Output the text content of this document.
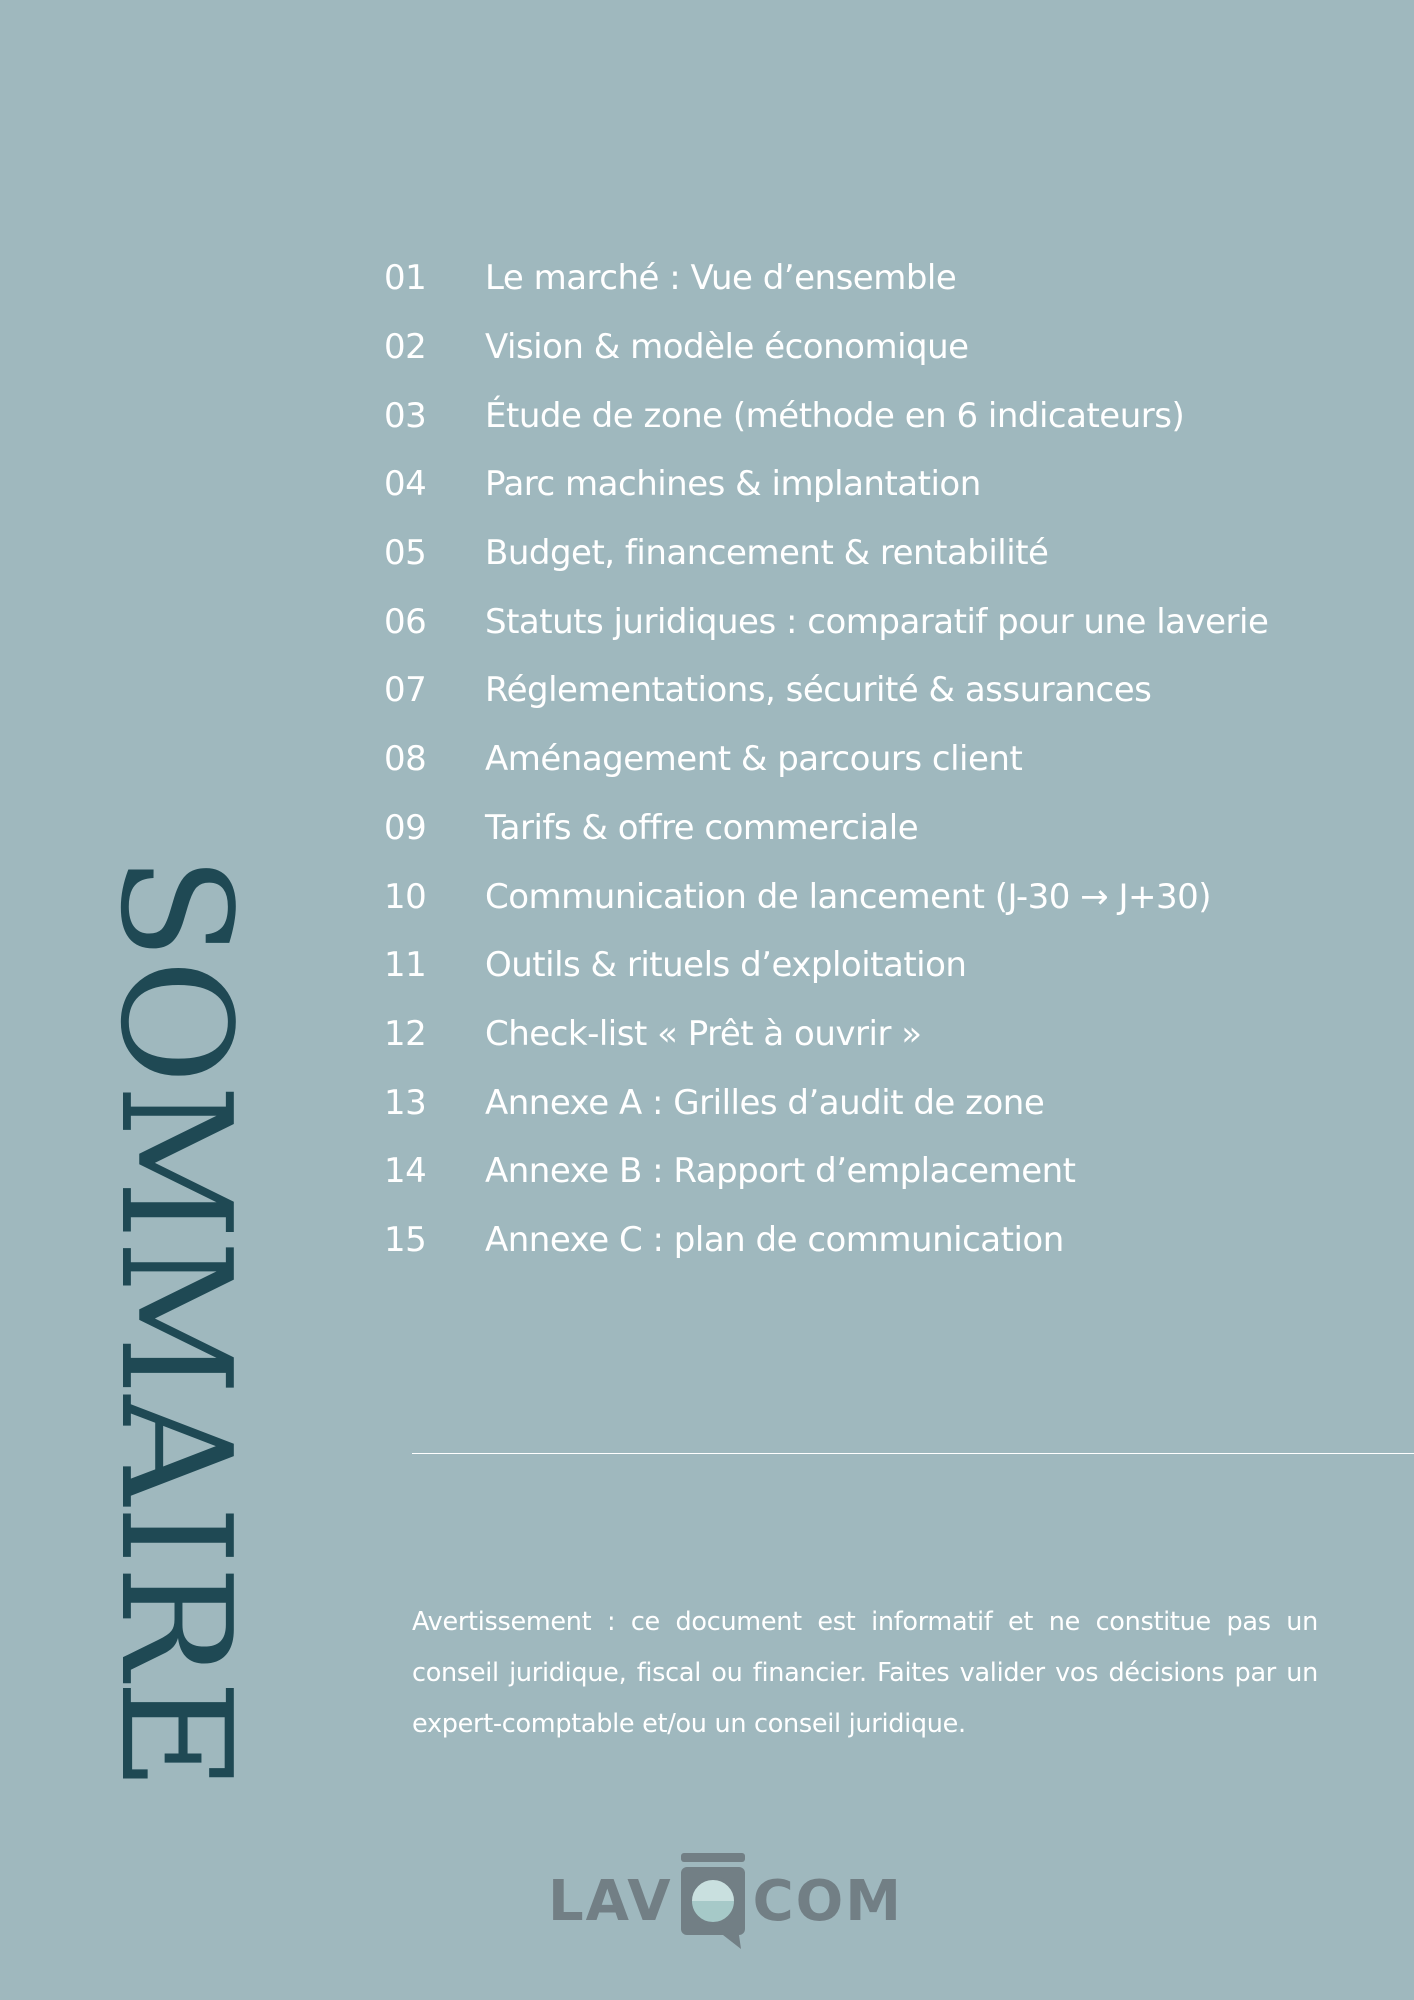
SOMMAIRE
01	Le marché : Vue d’ensemble
02	Vision & modèle économique
03	Étude de zone (méthode en 6 indicateurs)
04	Parc machines & implantation
05	Budget, financement & rentabilité
06	Statuts juridiques : comparatif pour une laverie
07	Réglementations, sécurité & assurances
08	Aménagement & parcours client
09	Tarifs & offre commerciale
10	Communication de lancement (J-30 → J+30)
11	Outils & rituels d’exploitation
12	Check-list « Prêt à ouvrir »
13	Annexe A : Grilles d’audit de zone
14	Annexe B : Rapport d’emplacement
15	Annexe C : plan de communication

Avertissement : ce document est informatif et ne constitue pas un conseil juridique, fiscal ou financier. Faites valider vos décisions par un expert-comptable et/ou un conseil juridique.

LAV COM
